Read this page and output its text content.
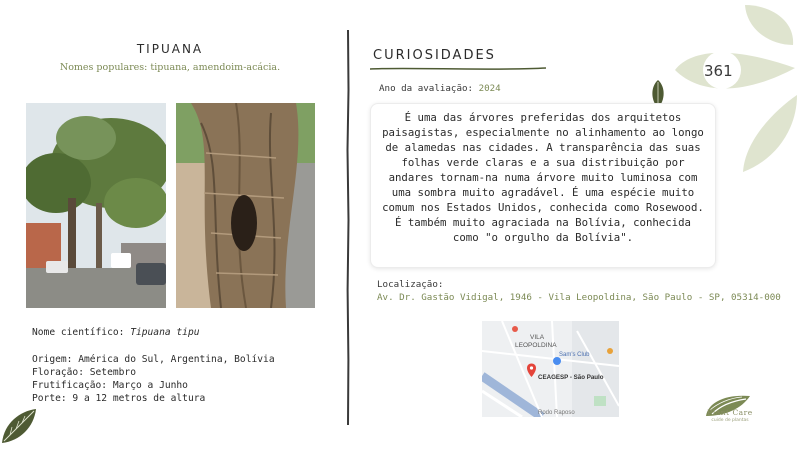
TIPUANA
Nomes populares: tipuana, amendoim-acácia.
Nome científico: Tipuana tipu
Origem: América do Sul, Argentina, Bolívia
Floração: Setembro
Frutificação: Março a Junho
Porte: 9 a 12 metros de altura
CURIOSIDADES
Ano da avaliação: 2024

É uma das árvores preferidas dos arquitetos paisagistas, especialmente no alinhamento ao longo de alamedas nas cidades. A transparência das suas folhas verde claras e a sua distribuição por andares tornam-na numa árvore muito luminosa com uma sombra muito agradável. É uma espécie muito comum nos Estados Unidos, conhecida como Rosewood. É também muito agraciada na Bolívia, conhecida como "o orgulho da Bolívia".

Localização:
Av. Dr. Gastão Vidigal, 1946 - Vila Leopoldina, São Paulo - SP, 05314-000
VILA
LEOPOLDINA
Sam's Club
CEAGESP - São Paulo
Rodo Raposo
361
Plant Care
cuide de plantas
